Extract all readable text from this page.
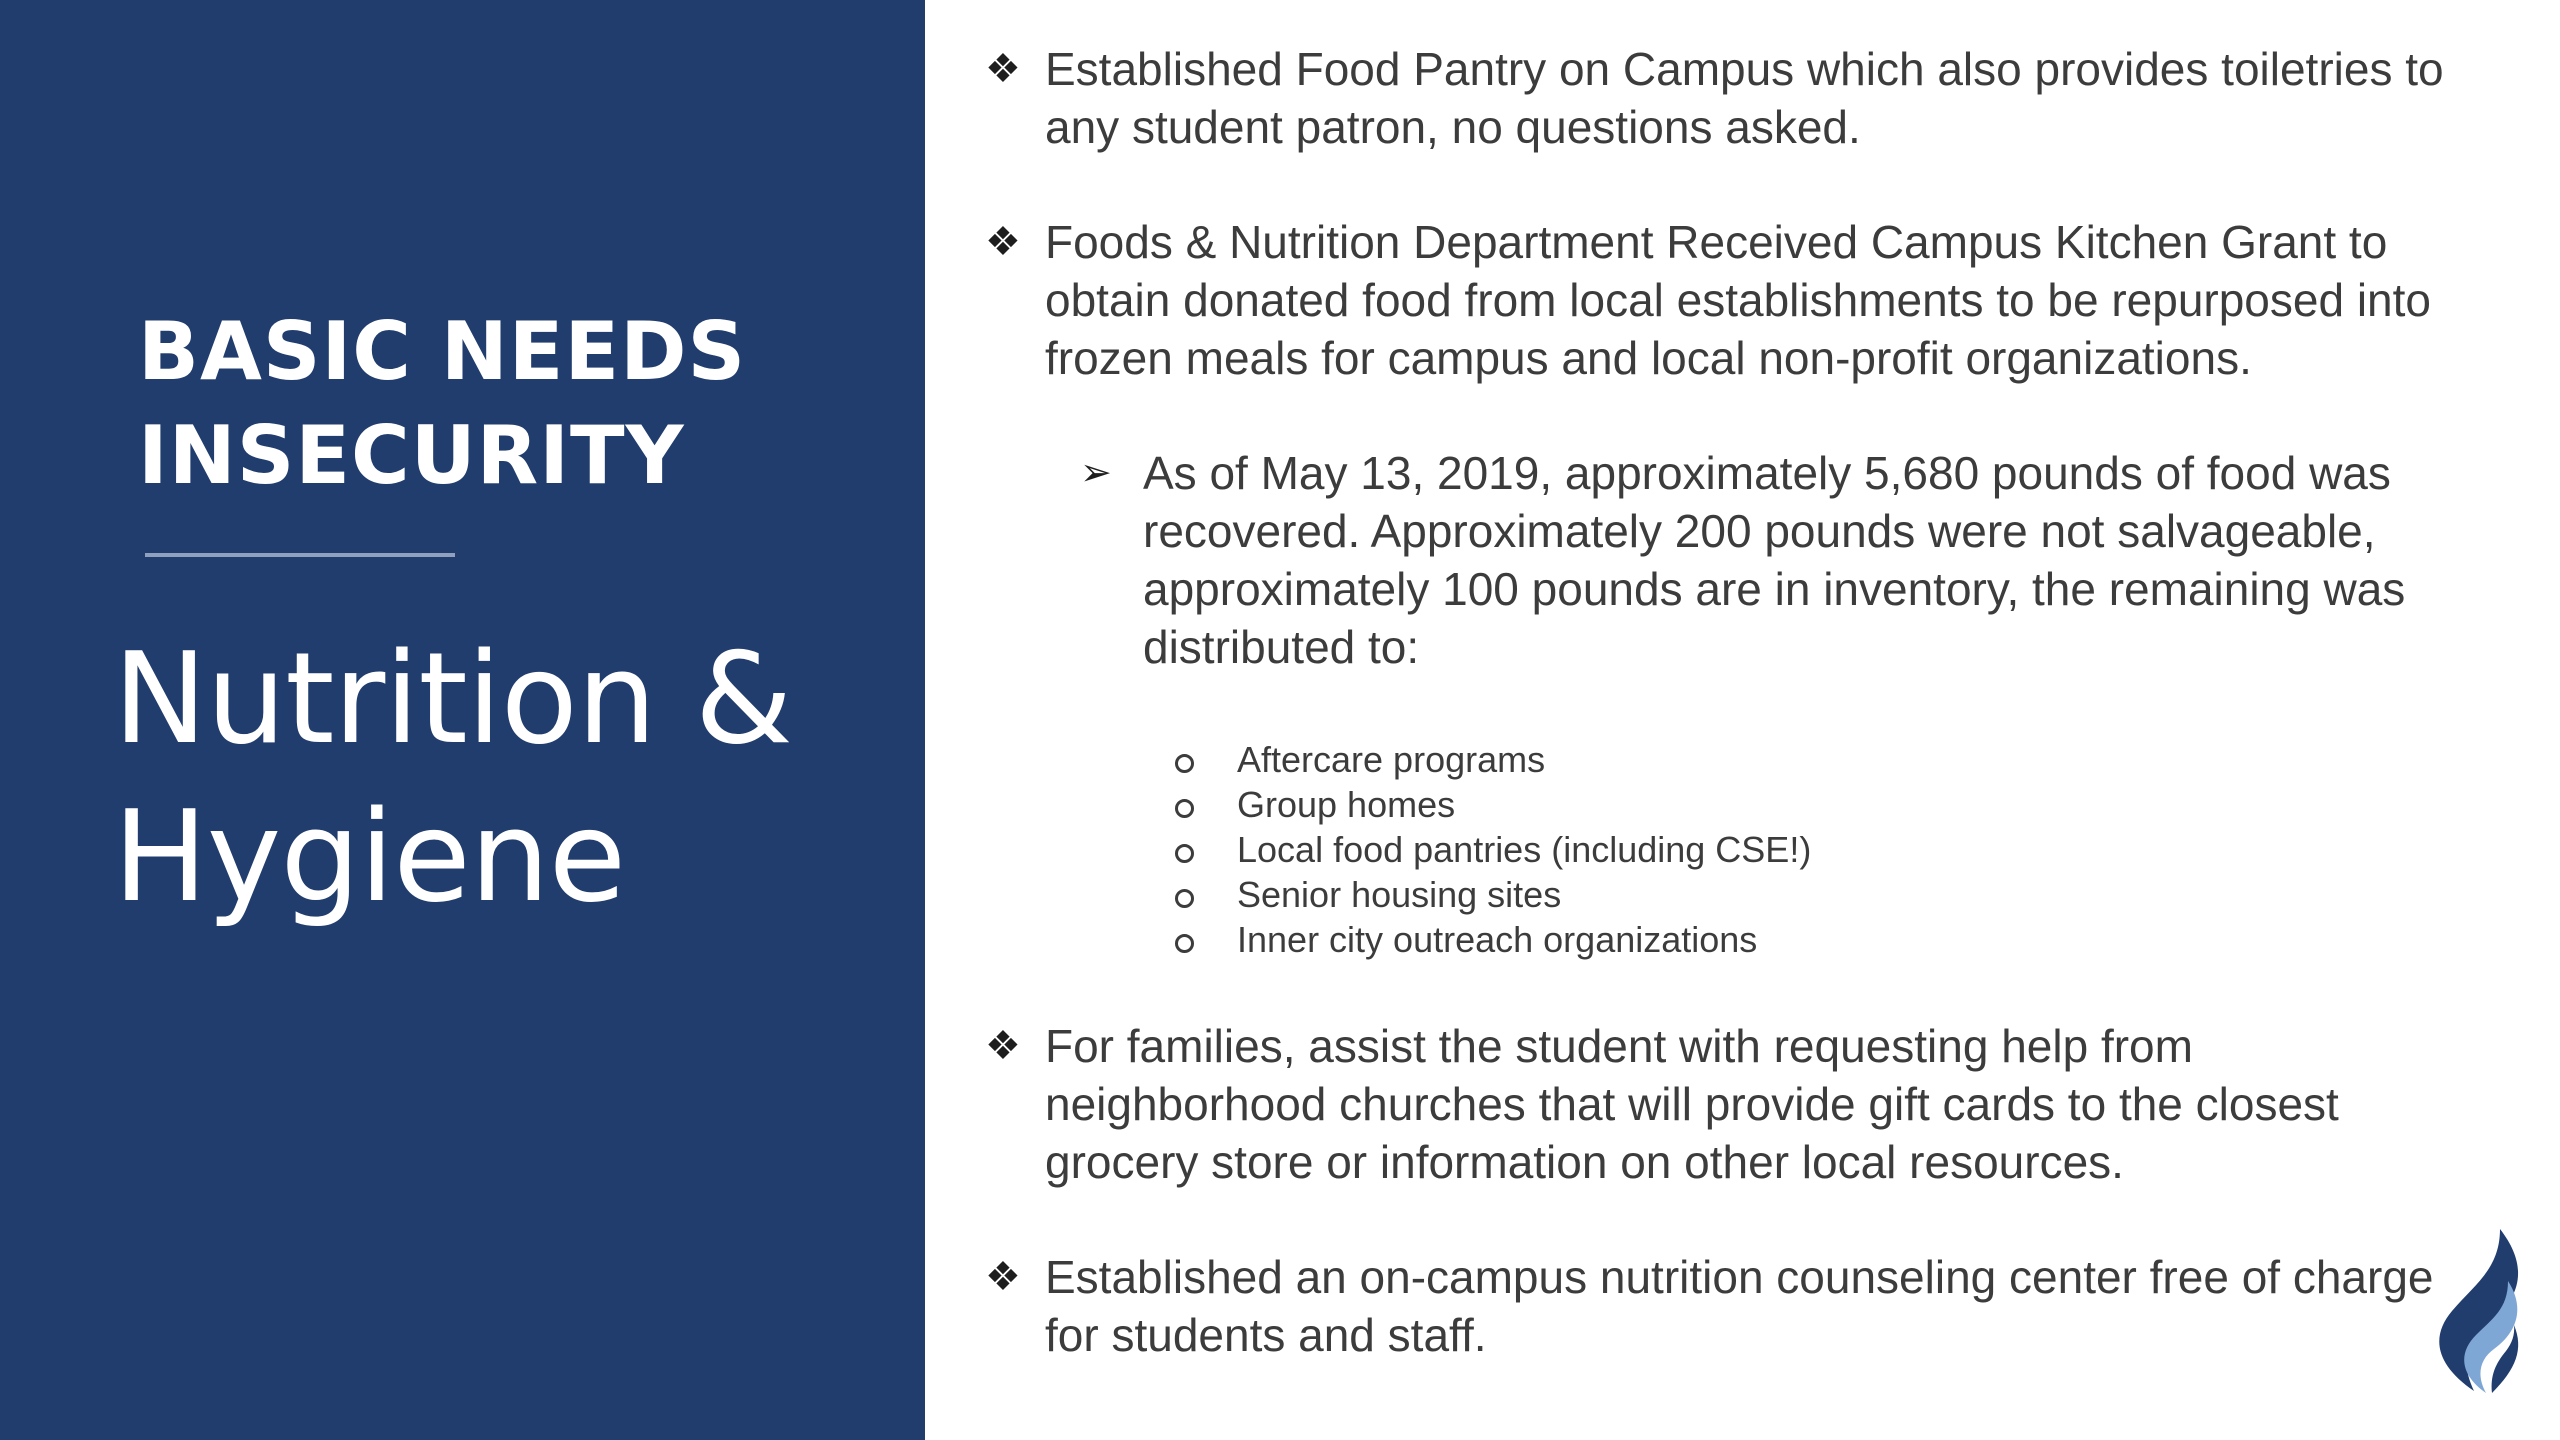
BASIC NEEDS
INSECURITY
Nutrition &
Hygiene
❖ Established Food Pantry on Campus which also provides toiletries to
any student patron, no questions asked.
❖ Foods & Nutrition Department Received Campus Kitchen Grant to
obtain donated food from local establishments to be repurposed into
frozen meals for campus and local non-profit organizations.
➢ As of May 13, 2019, approximately 5,680 pounds of food was
recovered. Approximately 200 pounds were not salvageable,
approximately 100 pounds are in inventory, the remaining was
distributed to:
Aftercare programs
Group homes
Local food pantries (including CSE!)
Senior housing sites
Inner city outreach organizations
❖ For families, assist the student with requesting help from
neighborhood churches that will provide gift cards to the closest
grocery store or information on other local resources.
❖ Established an on-campus nutrition counseling center free of charge
for students and staff.
